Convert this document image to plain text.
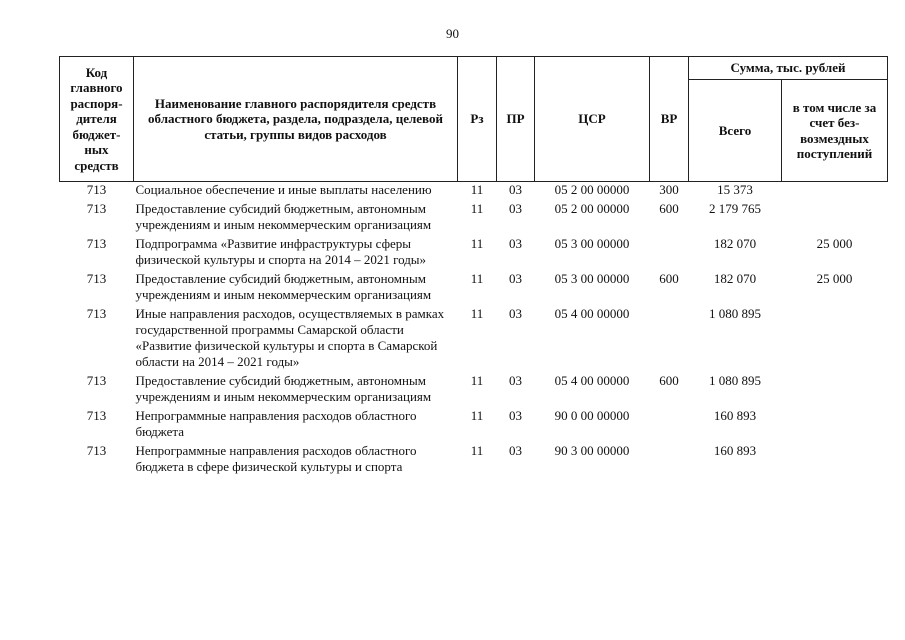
90
Код главного распоря-дителя бюджет-ных средств	Наименование главного распорядителя средств областного бюджета, раздела, подраздела, целевой статьи, группы видов расходов	Рз	ПР	ЦСР	ВР	Сумма, тыс. рублей	
						Всего	в том числе за счет без-возмездных поступлений
713	Социальное обеспечение и иные выплаты населению	11	03	05 2 00 00000	300	15 373	
713	Предоставление субсидий бюджетным, автономным учреждениям и иным некоммерческим организациям	11	03	05 2 00 00000	600	2 179 765	
713	Подпрограмма «Развитие инфраструктуры сферы физической культуры и спорта на 2014 – 2021 годы»	11	03	05 3 00 00000		182 070	25 000
713	Предоставление субсидий бюджетным, автономным учреждениям и иным некоммерческим организациям	11	03	05 3 00 00000	600	182 070	25 000
713	Иные направления расходов, осуществляемых в рамках государственной программы Самарской области «Развитие физической культуры и спорта в Самарской области на 2014 – 2021 годы»	11	03	05 4 00 00000		1 080 895	
713	Предоставление субсидий бюджетным, автономным учреждениям и иным некоммерческим организациям	11	03	05 4 00 00000	600	1 080 895	
713	Непрограммные направления расходов областного бюджета	11	03	90 0 00 00000		160 893	
713	Непрограммные направления расходов областного бюджета в сфере физической культуры и спорта	11	03	90 3 00 00000		160 893	
